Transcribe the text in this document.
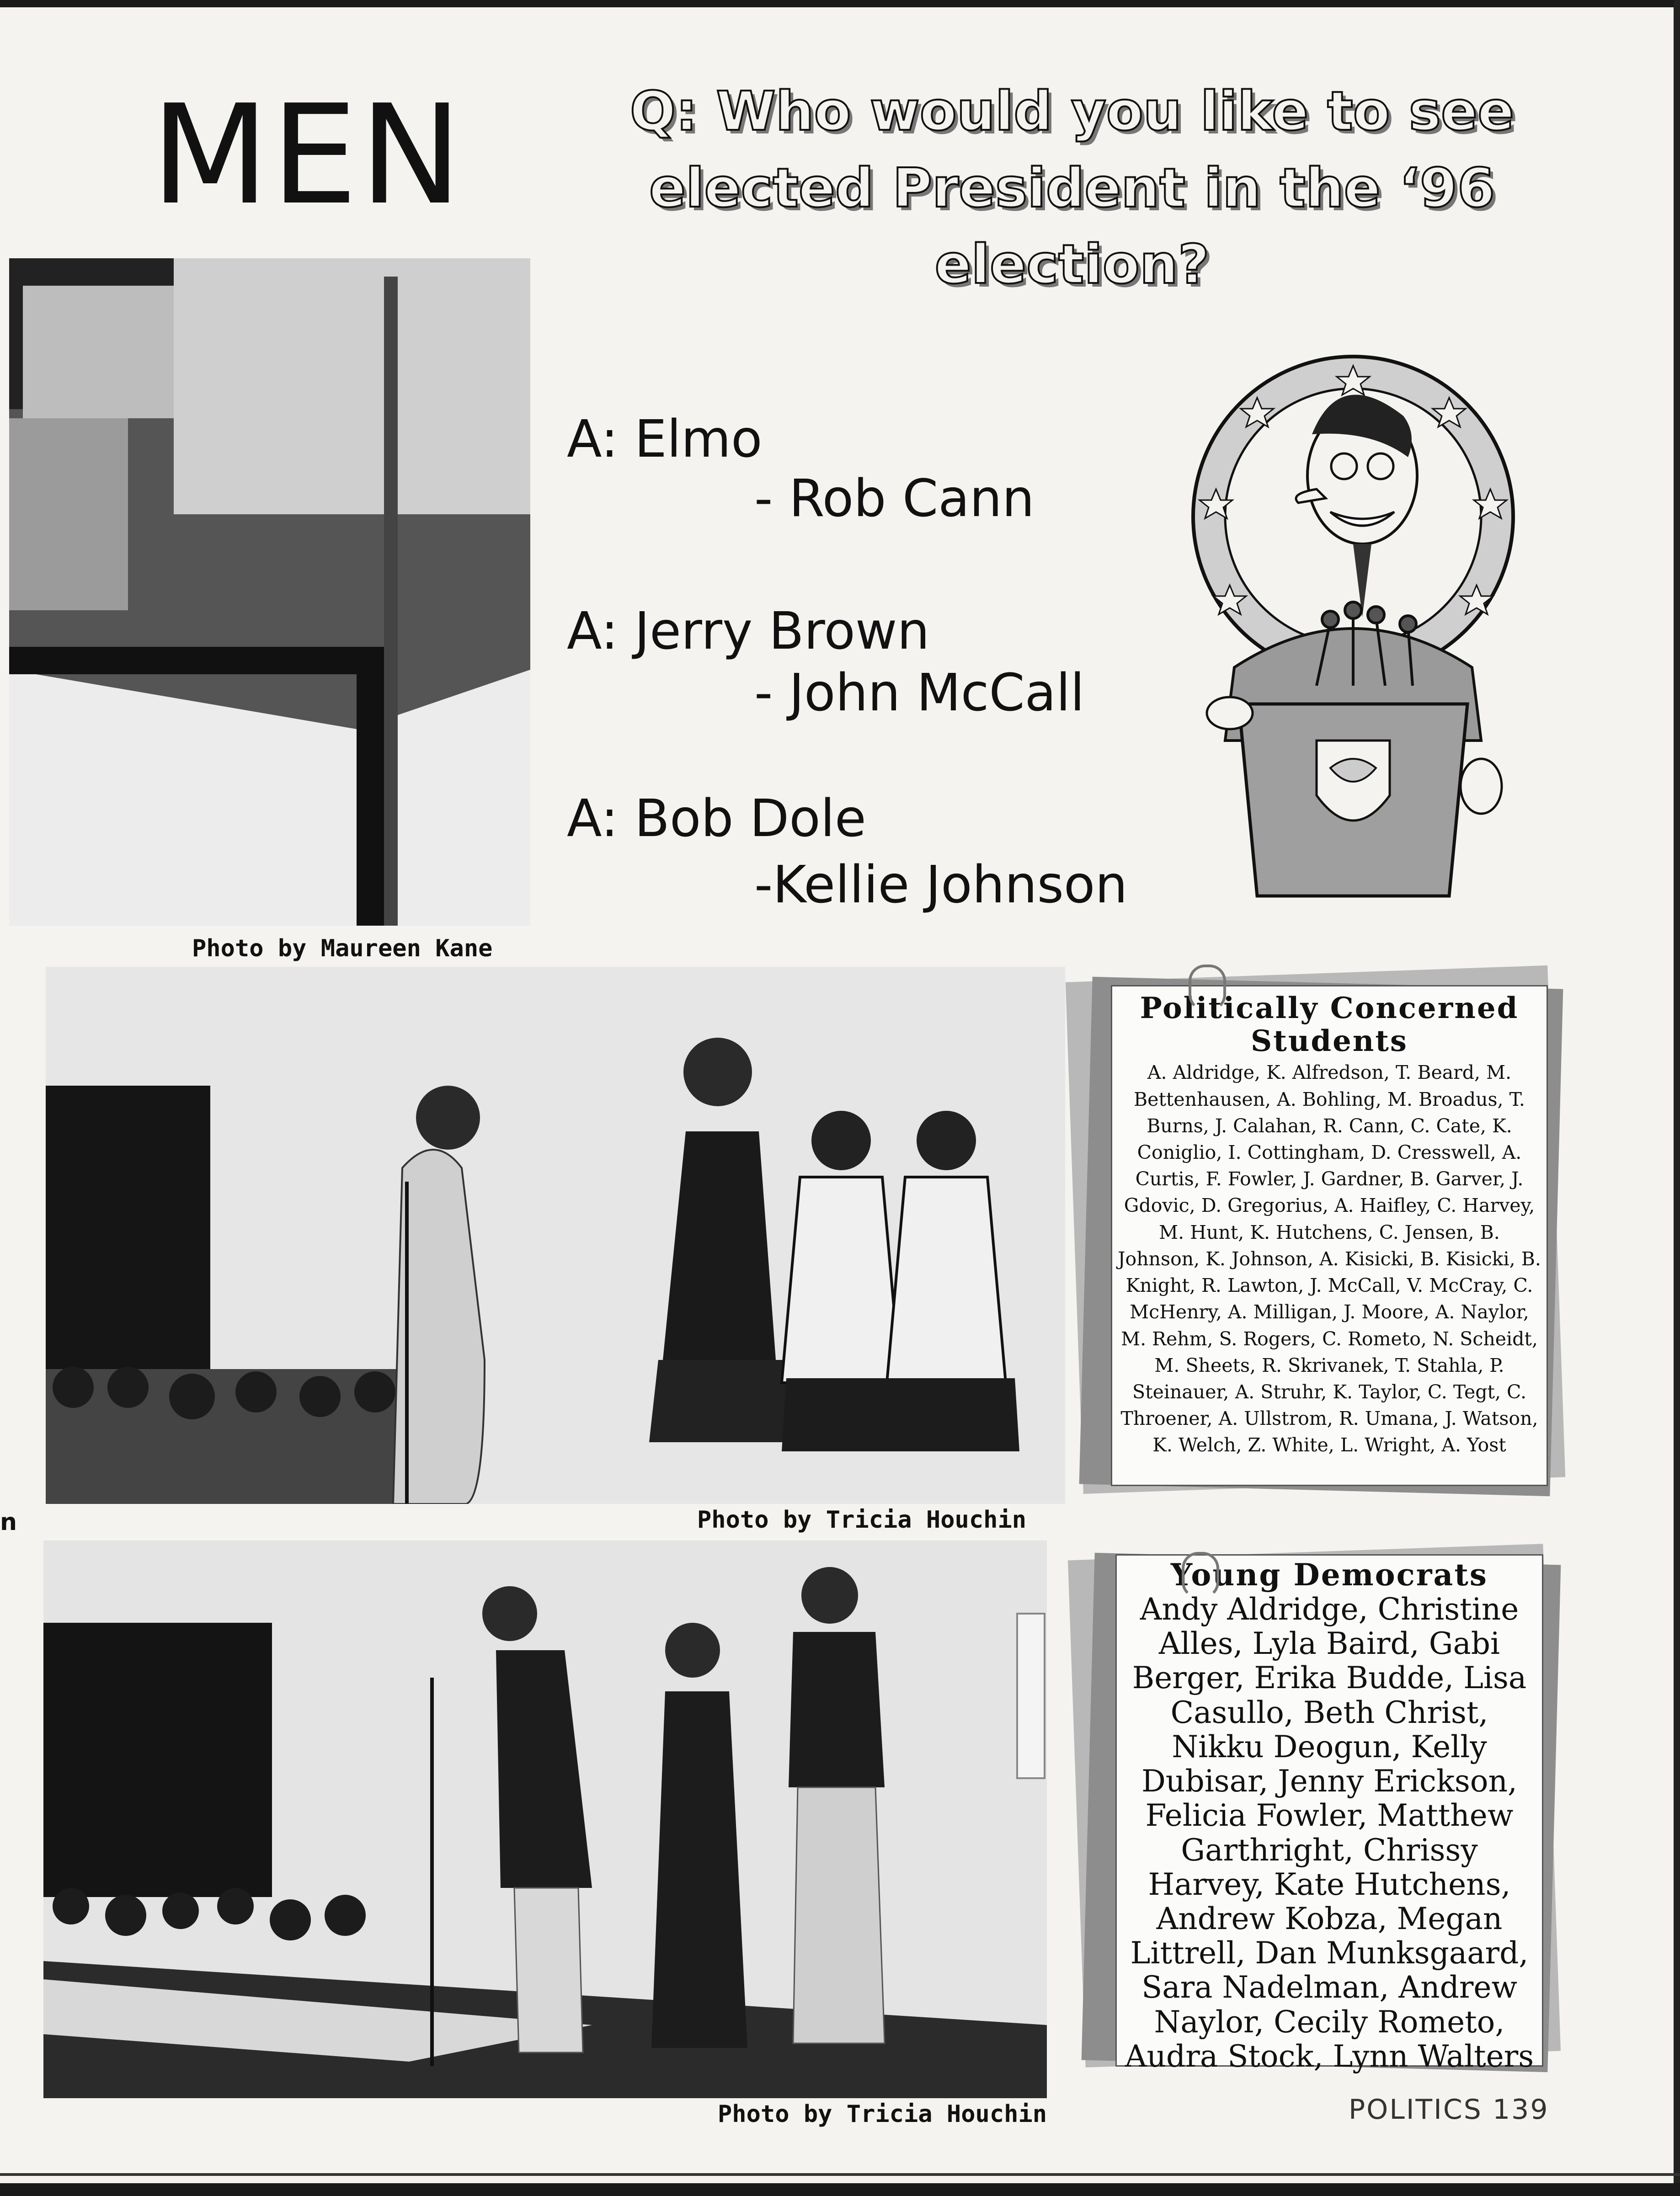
MEN	Q: Who would you like to see elected President in the ‘96 election?
A: Elmo
- Rob Cann
A: Jerry Brown
- John McCall
A: Bob Dole
-Kellie Johnson
Photo by Maureen Kane
Photo by Tricia Houchin
Photo by Tricia Houchin
Politically Concerned Students
A. Aldridge, K. Alfredson, T. Beard, M. Bettenhausen, A. Bohling, M. Broadus, T. Burns, J. Calahan, R. Cann, C. Cate, K. Coniglio, I. Cottingham, D. Cresswell, A. Curtis, F. Fowler, J. Gardner, B. Garver, J. Gdovic, D. Gregorius, A. Haifley, C. Harvey, M. Hunt, K. Hutchens, C. Jensen, B. Johnson, K. Johnson, A. Kisicki, B. Kisicki, B. Knight, R. Lawton, J. McCall, V. McCray, C. McHenry, A. Milligan, J. Moore, A. Naylor, M. Rehm, S. Rogers, C. Rometo, N. Scheidt, M. Sheets, R. Skrivanek, T. Stahla, P. Steinauer, A. Struhr, K. Taylor, C. Tegt, C. Throener, A. Ullstrom, R. Umana, J. Watson, K. Welch, Z. White, L. Wright, A. Yost
Young Democrats
Andy Aldridge, Christine Alles, Lyla Baird, Gabi Berger, Erika Budde, Lisa Casullo, Beth Christ, Nikku Deogun, Kelly Dubisar, Jenny Erickson, Felicia Fowler, Matthew Garthright, Chrissy Harvey, Kate Hutchens, Andrew Kobza, Megan Littrell, Dan Munksgaard, Sara Nadelman, Andrew Naylor, Cecily Rometo, Audra Stock, Lynn Walters
n
POLITICS 139
